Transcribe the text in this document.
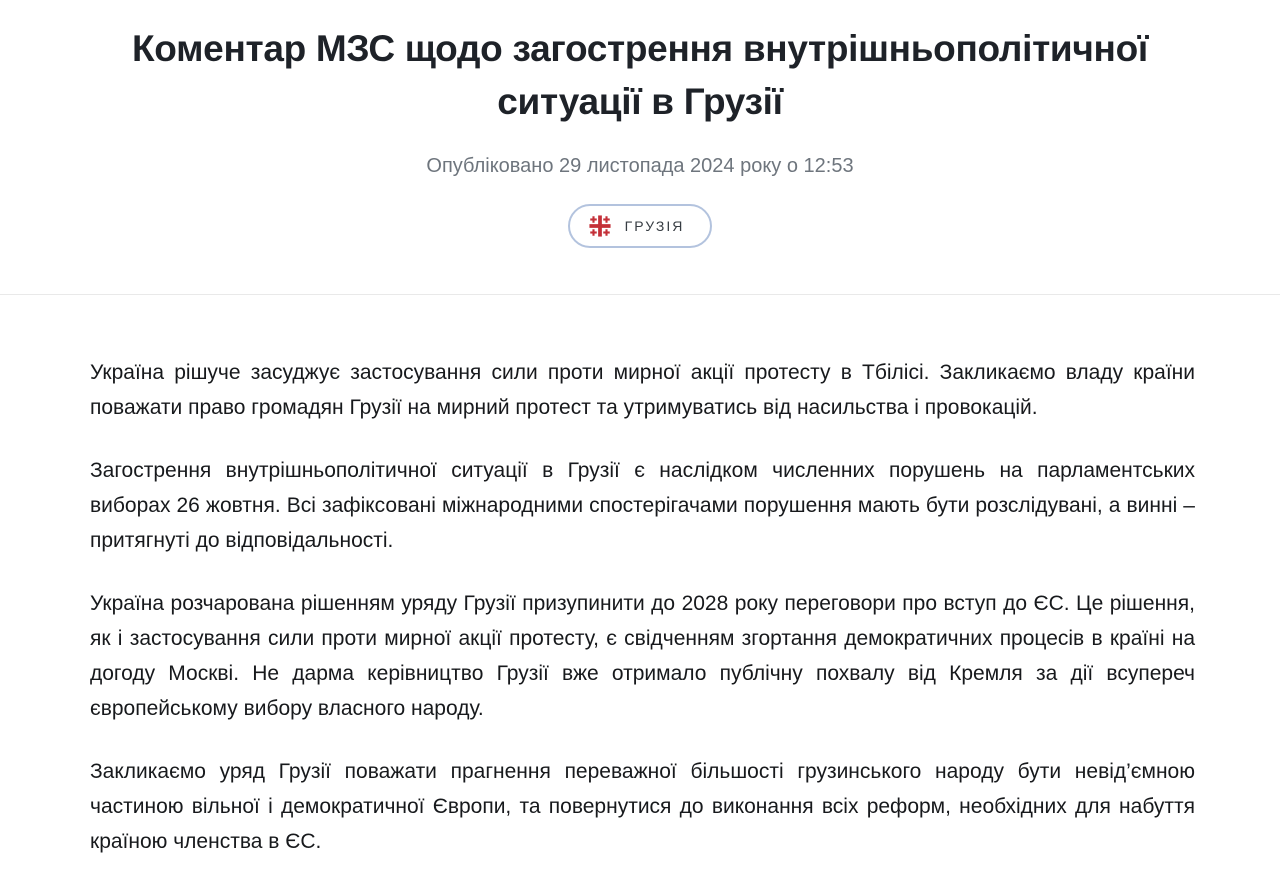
Коментар МЗС щодо загострення внутрішньополітичної ситуації в Грузії

Опубліковано 29 листопада 2024 року о 12:53

ГРУЗІЯ

Україна рішуче засуджує застосування сили проти мирної акції протесту в Тбілісі. Закликаємо владу країни поважати право громадян Грузії на мирний протест та утримуватись від насильства і провокацій.

Загострення внутрішньополітичної ситуації в Грузії є наслідком численних порушень на парламентських виборах 26 жовтня. Всі зафіксовані міжнародними спостерігачами порушення мають бути розслідувані, а винні – притягнуті до відповідальності.

Україна розчарована рішенням уряду Грузії призупинити до 2028 року переговори про вступ до ЄС. Це рішення, як і застосування сили проти мирної акції протесту, є свідченням згортання демократичних процесів в країні на догоду Москві. Не дарма керівництво Грузії вже отримало публічну похвалу від Кремля за дії всупереч європейському вибору власного народу.

Закликаємо уряд Грузії поважати прагнення переважної більшості грузинського народу бути невід’ємною частиною вільної і демократичної Європи, та повернутися до виконання всіх реформ, необхідних для набуття країною членства в ЄС.
